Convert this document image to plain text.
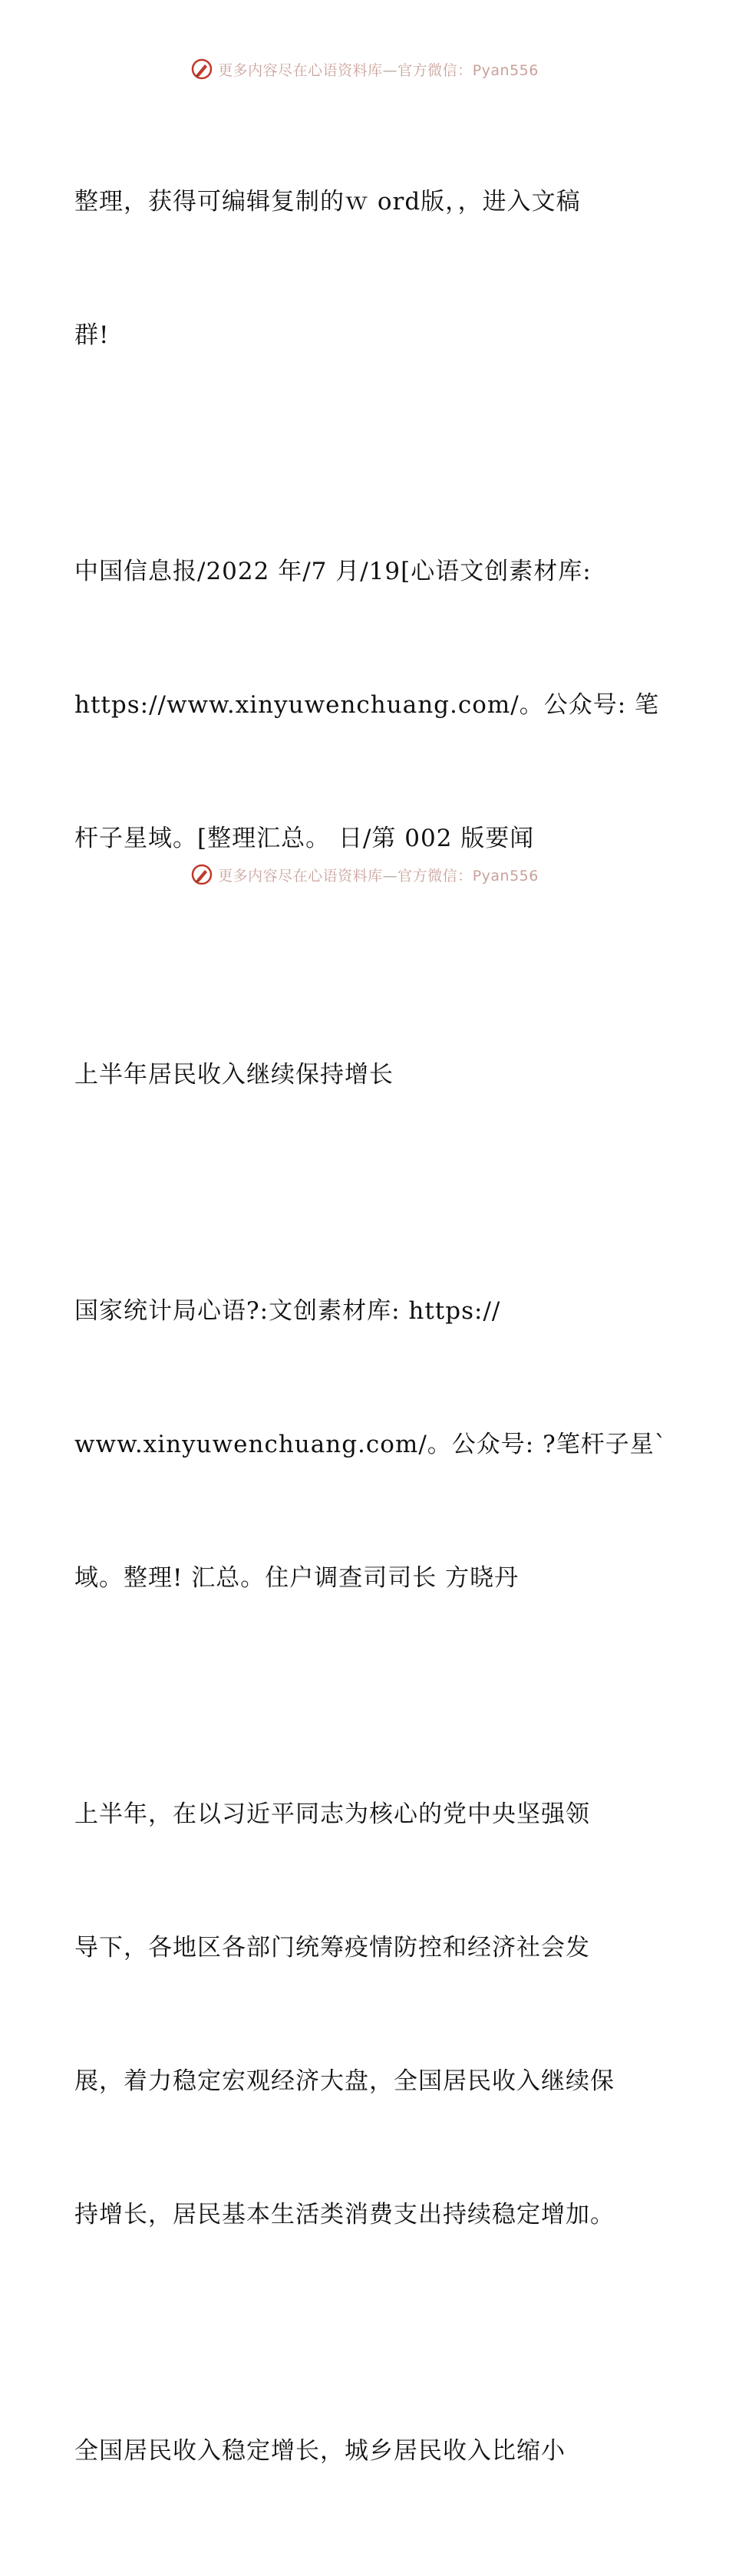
更多内容尽在心语资料库—官方微信：Pyan556

整理，获得可编辑复制的ｗ ord版，，进入文稿

群!

中国信息报/2022 年/7 月/19[心语文创素材库:

https://www.xinyuwenchuang.com/。公众号: 笔

杆子星域。[整理汇总。 日/第 002 版要闻

上半年居民收入继续保持增长

国家统计局心语?:文创素材库: https://

www.xinyuwenchuang.com/。公众号: ?笔杆子星`

域。整理! 汇总。住户调查司司长 方晓丹

上半年，在以习近平同志为核心的党中央坚强领

导下，各地区各部门统筹疫情防控和经济社会发

展，着力稳定宏观经济大盘，全国居民收入继续保

持增长，居民基本生活类消费支出持续稳定增加。

全国居民收入稳定增长，城乡居民收入比缩小

更多内容尽在心语资料库—官方微信：Pyan556
